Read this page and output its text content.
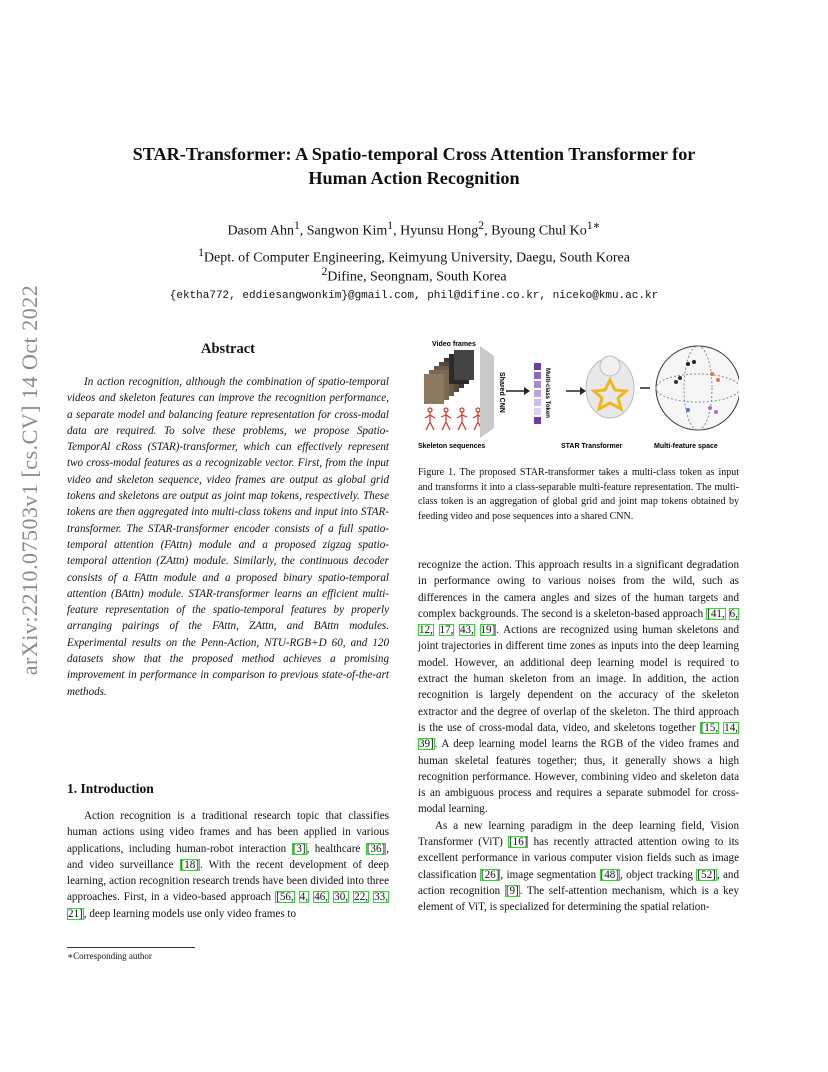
arXiv:2210.07503v1 [cs.CV] 14 Oct 2022
STAR-Transformer: A Spatio-temporal Cross Attention Transformer for
Human Action Recognition
Dasom Ahn$^1$, Sangwon Kim$^1$, Hyunsu Hong$^2$, Byoung Chul $Ko^{1∗}$
$^1$Dept. of Computer Engineering, Keimyung University, Daegu, South Korea
$^2$Difine, Seongnam, South Korea
{ektha772, eddiesangwonkim}@gmail.com, phil@difine.co.kr, niceko@kmu.ac.kr
Abstract

In action recognition, although the combination of spatio-temporal videos and skeleton features can improve the recognition performance, a separate model and balancing feature representation for cross-modal data are required. To solve these problems, we propose Spatio-TemporAl cRoss (STAR)-transformer, which can effectively represent two cross-modal features as a recognizable vector. First, from the input video and skeleton sequence, video frames are output as global grid tokens and skeletons are output as joint map tokens, respectively. These tokens are then aggregated into multi-class tokens and input into STAR-transformer. The STAR-transformer encoder consists of a full spatio-temporal attention (FAttn) module and a proposed zigzag spatio-temporal attention (ZAttn) module. Similarly, the continuous decoder consists of a FAttn module and a proposed binary spatio-temporal attention (BAttn) module. STAR-transformer learns an efficient multi-feature representation of the spatio-temporal features by properly arranging pairings of the FAttn, ZAttn, and BAttn modules. Experimental results on the Penn-Action, NTU-RGB+D 60, and 120 datasets show that the proposed method achieves a promising improvement in performance in comparison to previous state-of-the-art methods.

1. Introduction

Action recognition is a traditional research topic that classifies human actions using video frames and has been applied in various applications, including human-robot interaction [3], healthcare [36], and video surveillance [18]. With the recent development of deep learning, action recognition research trends have been divided into three approaches. First, in a video-based approach [56, 4, 46, 30, 22, 33, 21], deep learning models use only video frames to

∗Corresponding author
Video frames
Skeleton sequences
Shared CNN	Multi-class Token
STAR Transformer	Multi-feature space
Figure 1. The proposed STAR-transformer takes a multi-class token as input and transforms it into a class-separable multi-feature representation. The multi-class token is an aggregation of global grid and joint map tokens obtained by feeding video and pose sequences into a shared CNN.

recognize the action. This approach results in a significant degradation in performance owing to various noises from the wild, such as differences in the camera angles and sizes of the human targets and complex backgrounds. The second is a skeleton-based approach [41, 6, 12, 17, 43, 19]. Actions are recognized using human skeletons and joint trajectories in different time zones as inputs into the deep learning model. However, an additional deep learning model is required to extract the human skeleton from an image. In addition, the action recognition is largely dependent on the accuracy of the skeleton extractor and the degree of overlap of the skeleton. The third approach is the use of cross-modal data, video, and skeletons together [15, 14, 39]. A deep learning model learns the RGB of the video frames and human skeletal features together; thus, it generally shows a high recognition performance. However, combining video and skeleton data is an ambiguous process and requires a separate submodel for cross-modal learning.

As a new learning paradigm in the deep learning field, Vision Transformer (ViT) [16] has recently attracted attention owing to its excellent performance in various computer vision fields such as image classification [26], image segmentation [48], object tracking [52], and action recognition [9]. The self-attention mechanism, which is a key element of ViT, is specialized for determining the spatial relation-
